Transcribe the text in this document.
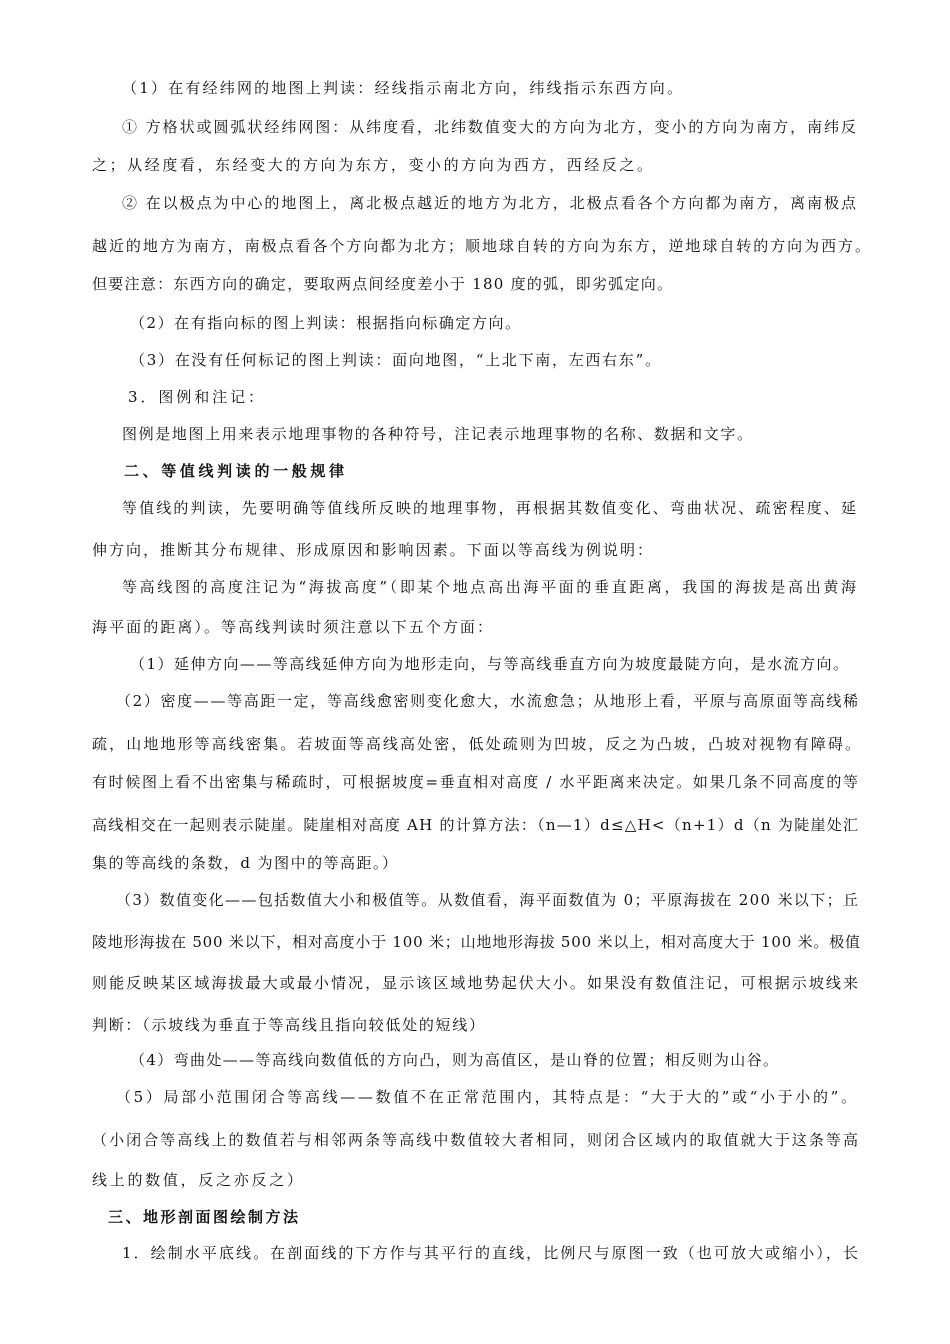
（1）在有经纬网的地图上判读：经线指示南北方向，纬线指示东西方向。
① 方格状或圆弧状经纬网图：从纬度看，北纬数值变大的方向为北方，变小的方向为南方，南纬反
之；从经度看，东经变大的方向为东方，变小的方向为西方，西经反之。
② 在以极点为中心的地图上，离北极点越近的地方为北方，北极点看各个方向都为南方，离南极点
越近的地方为南方，南极点看各个方向都为北方；顺地球自转的方向为东方，逆地球自转的方向为西方。
但要注意：东西方向的确定，要取两点间经度差小于 180 度的弧，即劣弧定向。
（2）在有指向标的图上判读：根据指向标确定方向。
（3）在没有任何标记的图上判读：面向地图，“上北下南，左西右东”。
3．图例和注记：
图例是地图上用来表示地理事物的各种符号，注记表示地理事物的名称、数据和文字。
二、等值线判读的一般规律
等值线的判读，先要明确等值线所反映的地理事物，再根据其数值变化、弯曲状况、疏密程度、延
伸方向，推断其分布规律、形成原因和影响因素。下面以等高线为例说明：
等高线图的高度注记为“海拔高度”（即某个地点高出海平面的垂直距离，我国的海拔是高出黄海
海平面的距离）。等高线判读时须注意以下五个方面：
（1）延伸方向——等高线延伸方向为地形走向，与等高线垂直方向为坡度最陡方向，是水流方向。
（2）密度——等高距一定，等高线愈密则变化愈大，水流愈急；从地形上看，平原与高原面等高线稀
疏，山地地形等高线密集。若坡面等高线高处密，低处疏则为凹坡，反之为凸坡，凸坡对视物有障碍。
有时候图上看不出密集与稀疏时，可根据坡度=垂直相对高度 / 水平距离来决定。如果几条不同高度的等
高线相交在一起则表示陡崖。陡崖相对高度 AH 的计算方法：（n—1）d≤△H<（n+1）d（n 为陡崖处汇
集的等高线的条数，d 为图中的等高距。）
（3）数值变化——包括数值大小和极值等。从数值看，海平面数值为 0；平原海拔在 200 米以下；丘
陵地形海拔在 500 米以下，相对高度小于 100 米；山地地形海拔 500 米以上，相对高度大于 100 米。极值
则能反映某区域海拔最大或最小情况，显示该区域地势起伏大小。如果没有数值注记，可根据示坡线来
判断：（示坡线为垂直于等高线且指向较低处的短线）
（4）弯曲处——等高线向数值低的方向凸，则为高值区，是山脊的位置；相反则为山谷。
（5）局部小范围闭合等高线——数值不在正常范围内，其特点是：“大于大的”或“小于小的”。
（小闭合等高线上的数值若与相邻两条等高线中数值较大者相同，则闭合区域内的取值就大于这条等高
线上的数值，反之亦反之）
三、地形剖面图绘制方法
1．绘制水平底线。在剖面线的下方作与其平行的直线，比例尺与原图一致（也可放大或缩小），长
